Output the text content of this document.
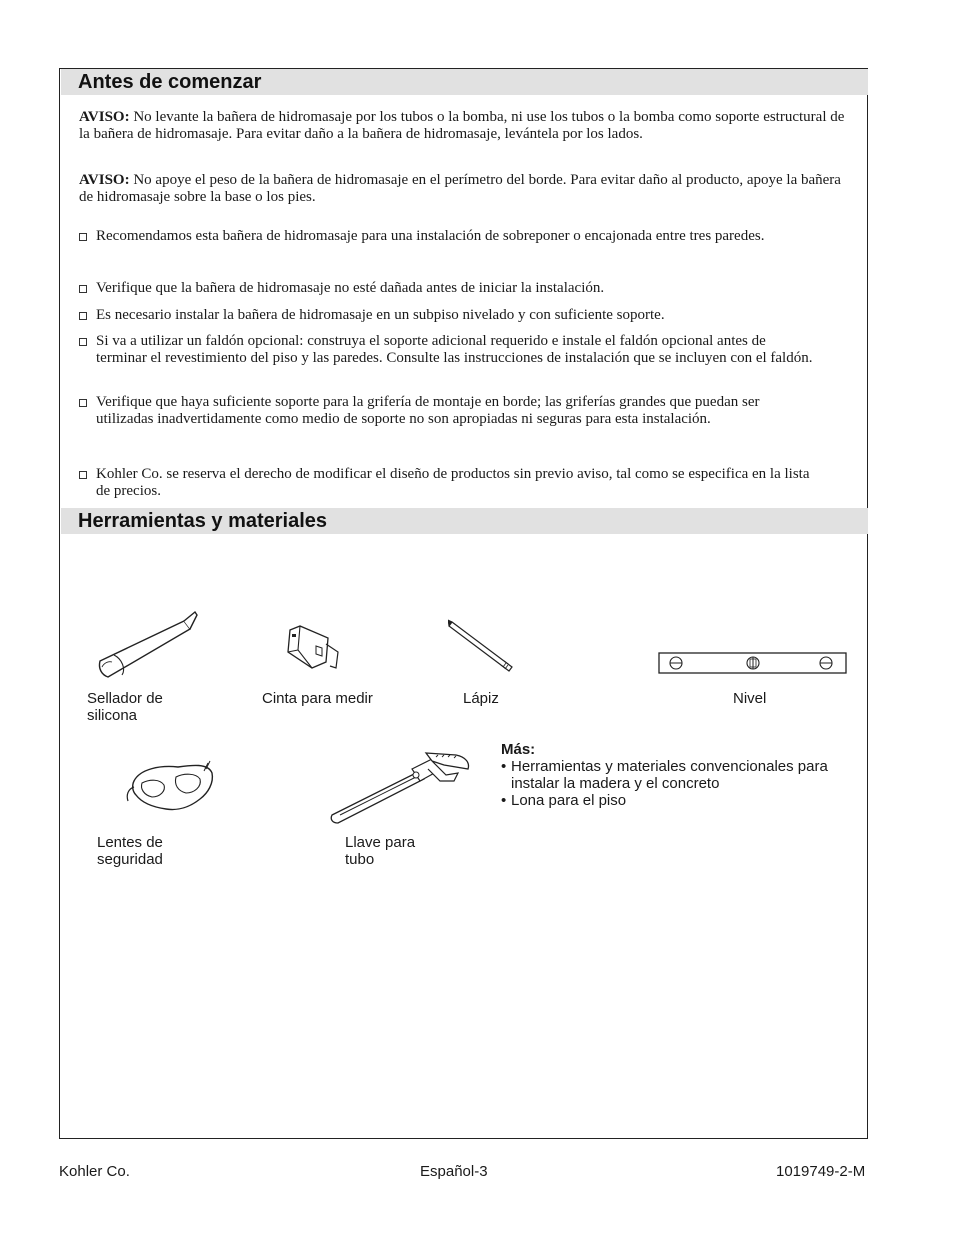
Antes de comenzar

AVISO: No levante la bañera de hidromasaje por los tubos o la bomba, ni use los tubos o la bomba como soporte estructural de la bañera de hidromasaje. Para evitar daño a la bañera de hidromasaje, levántela por los lados.

AVISO: No apoye el peso de la bañera de hidromasaje en el perímetro del borde. Para evitar daño al producto, apoye la bañera de hidromasaje sobre la base o los pies.

Recomendamos esta bañera de hidromasaje para una instalación de sobreponer o encajonada entre tres paredes.
Verifique que la bañera de hidromasaje no esté dañada antes de iniciar la instalación.
Es necesario instalar la bañera de hidromasaje en un subpiso nivelado y con suficiente soporte.
Si va a utilizar un faldón opcional: construya el soporte adicional requerido e instale el faldón opcional antes de terminar el revestimiento del piso y las paredes. Consulte las instrucciones de instalación que se incluyen con el faldón.
Verifique que haya suficiente soporte para la grifería de montaje en borde; las griferías grandes que puedan ser utilizadas inadvertidamente como medio de soporte no son apropiadas ni seguras para esta instalación.
Kohler Co. se reserva el derecho de modificar el diseño de productos sin previo aviso, tal como se especifica en la lista de precios.
Herramientas y materiales
Sellador de
silicona
Cinta para medir	Lápiz	Nivel
Lentes de
seguridad
Llave para
tubo
Más:
• Herramientas y materiales convencionales para instalar la madera y el concreto
• Lona para el piso
Kohler Co.	Español-3	1019749-2-M
